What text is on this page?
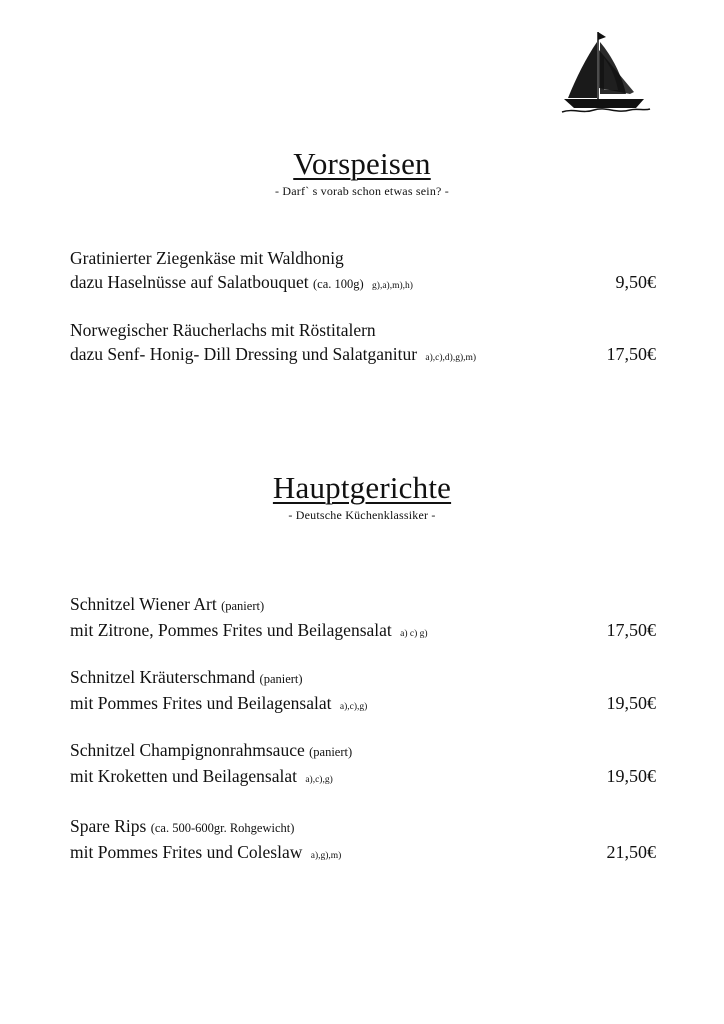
Vorspeisen
- Darf` s vorab schon etwas sein? -
Gratinierter Ziegenkäse mit Waldhonig
dazu Haselnüsse auf Salatbouquet (ca. 100g) g),a),m),h)	9,50€
Norwegischer Räucherlachs mit Röstitalern
dazu Senf- Honig- Dill Dressing und Salatganitur a),c),d),g),m)	17,50€
Hauptgerichte
- Deutsche Küchenklassiker -
Schnitzel Wiener Art (paniert)
mit Zitrone, Pommes Frites und Beilagensalat a) c) g)	17,50€
Schnitzel Kräuterschmand (paniert)
mit Pommes Frites und Beilagensalat a),c),g)	19,50€
Schnitzel Champignonrahmsauce (paniert)
mit Kroketten und Beilagensalat a),c),g)	19,50€
Spare Rips (ca. 500-600gr. Rohgewicht)
mit Pommes Frites und Coleslaw a),g),m)	21,50€
